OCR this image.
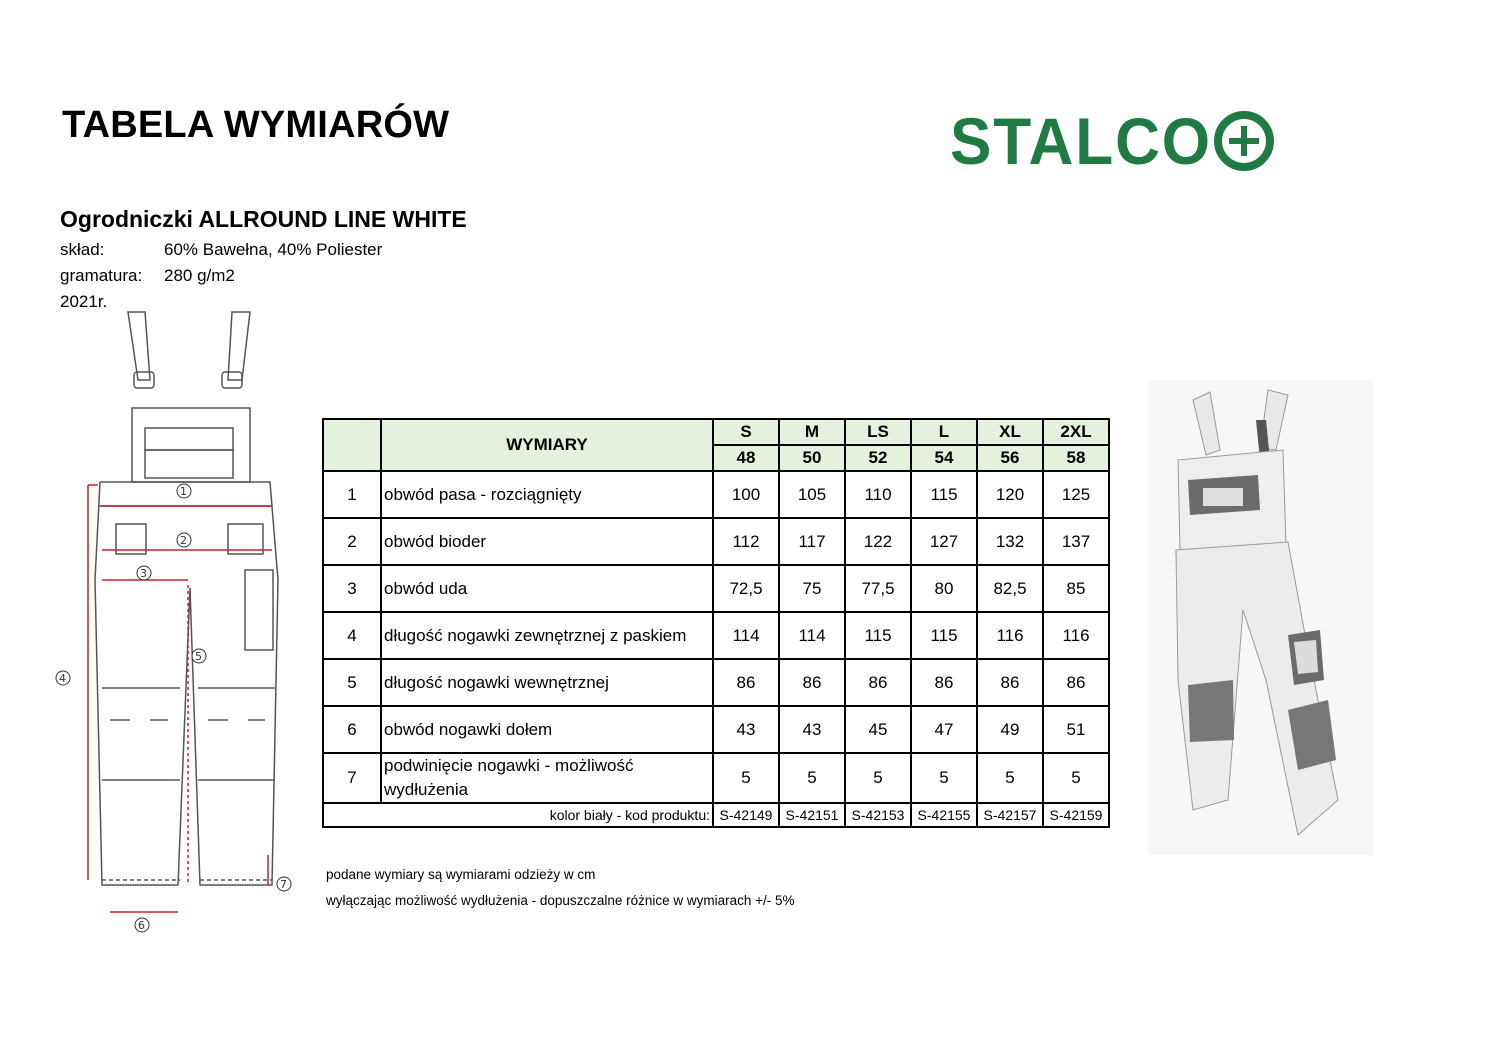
TABELA WYMIARÓW	STALCO
Ogrodniczki ALLROUND LINE WHITE
skład:	60% Bawełna, 40% Poliester
gramatura: 280 g/m2
2021r.
1
2
3
4
5
6
7
	WYMIARY	S	M	LS	L	XL	2XL
		48	50	52	54	56	58
1	obwód pasa - rozciągnięty	100	105	110	115	120	125
2	obwód bioder	112	117	122	127	132	137
3	obwód uda	72,5	75	77,5	80	82,5	85
4	długość nogawki zewnętrznej z paskiem	114	114	115	115	116	116
5	długość nogawki wewnętrznej	86	86	86	86	86	86
6	obwód nogawki dołem	43	43	45	47	49	51
7	podwinięcie nogawki - możliwość wydłużenia	5	5	5	5	5	5
kolor biały - kod produktu:		S-42149	S-42151	S-42153	S-42155	S-42157	S-42159
podane wymiary są wymiarami odzieży w cm
wyłączając możliwość wydłużenia - dopuszczalne różnice w wymiarach +/- 5%
